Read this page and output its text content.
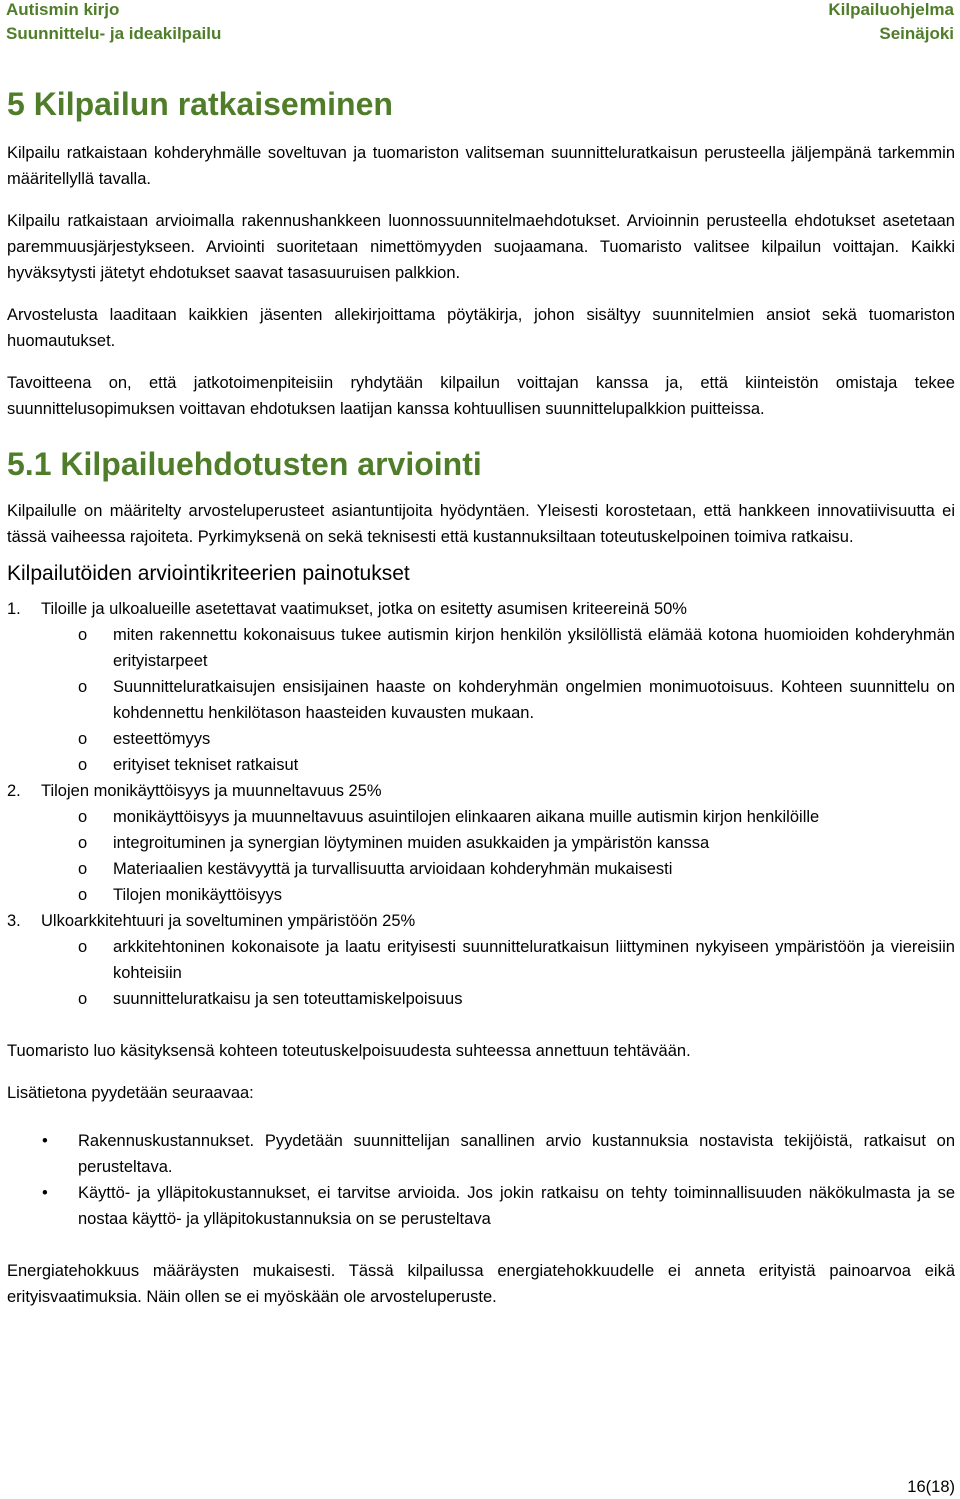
Autismin kirjo
Suunnittelu- ja ideakilpailu
Kilpailuohjelma
Seinäjoki
5 Kilpailun ratkaiseminen

Kilpailu ratkaistaan kohderyhmälle soveltuvan ja tuomariston valitseman suunnitteluratkaisun perusteella jäljempänä tarkemmin määritellyllä tavalla.

Kilpailu ratkaistaan arvioimalla rakennushankkeen luonnossuunnitelmaehdotukset. Arvioinnin perusteella ehdotukset asetetaan paremmuusjärjestykseen. Arviointi suoritetaan nimettömyyden suojaamana. Tuomaristo valitsee kilpailun voittajan. Kaikki hyväksytysti jätetyt ehdotukset saavat tasasuuruisen palkkion.

Arvostelusta laaditaan kaikkien jäsenten allekirjoittama pöytäkirja, johon sisältyy suunnitelmien ansiot sekä tuomariston huomautukset.

Tavoitteena on, että jatkotoimenpiteisiin ryhdytään kilpailun voittajan kanssa ja, että kiinteistön omistaja tekee suunnittelusopimuksen voittavan ehdotuksen laatijan kanssa kohtuullisen suunnittelupalkkion puitteissa.

5.1 Kilpailuehdotusten arviointi

Kilpailulle on määritelty arvosteluperusteet asiantuntijoita hyödyntäen. Yleisesti korostetaan, että hankkeen innovatiivisuutta ei tässä vaiheessa rajoiteta. Pyrkimyksenä on sekä teknisesti että kustannuksiltaan toteutuskelpoinen toimiva ratkaisu.

Kilpailutöiden arviointikriteerien painotukset
1. Tiloille ja ulkoalueille asetettavat vaatimukset, jotka on esitetty asumisen kriteereinä 50%
o miten rakennettu kokonaisuus tukee autismin kirjon henkilön yksilöllistä elämää kotona huomioiden kohderyhmän erityistarpeet
o Suunnitteluratkaisujen ensisijainen haaste on kohderyhmän ongelmien monimuotoisuus. Kohteen suunnittelu on kohdennettu henkilötason haasteiden kuvausten mukaan.
o esteettömyys
o erityiset tekniset ratkaisut
2. Tilojen monikäyttöisyys ja muunneltavuus 25%
o monikäyttöisyys ja muunneltavuus asuintilojen elinkaaren aikana muille autismin kirjon henkilöille
o integroituminen ja synergian löytyminen muiden asukkaiden ja ympäristön kanssa
o Materiaalien kestävyyttä ja turvallisuutta arvioidaan kohderyhmän mukaisesti
o Tilojen monikäyttöisyys
3. Ulkoarkkitehtuuri ja soveltuminen ympäristöön 25%
o arkkitehtoninen kokonaisote ja laatu erityisesti suunnitteluratkaisun liittyminen nykyiseen ympäristöön ja viereisiin kohteisiin
o suunnitteluratkaisu ja sen toteuttamiskelpoisuus

Tuomaristo luo käsityksensä kohteen toteutuskelpoisuudesta suhteessa annettuun tehtävään.

Lisätietona pyydetään seuraavaa:

• Rakennuskustannukset. Pyydetään suunnittelijan sanallinen arvio kustannuksia nostavista tekijöistä, ratkaisut on perusteltava.
• Käyttö- ja ylläpitokustannukset, ei tarvitse arvioida. Jos jokin ratkaisu on tehty toiminnallisuuden näkökulmasta ja se nostaa käyttö- ja ylläpitokustannuksia on se perusteltava

Energiatehokkuus määräysten mukaisesti. Tässä kilpailussa energiatehokkuudelle ei anneta erityistä painoarvoa eikä erityisvaatimuksia. Näin ollen se ei myöskään ole arvosteluperuste.

16(18)
